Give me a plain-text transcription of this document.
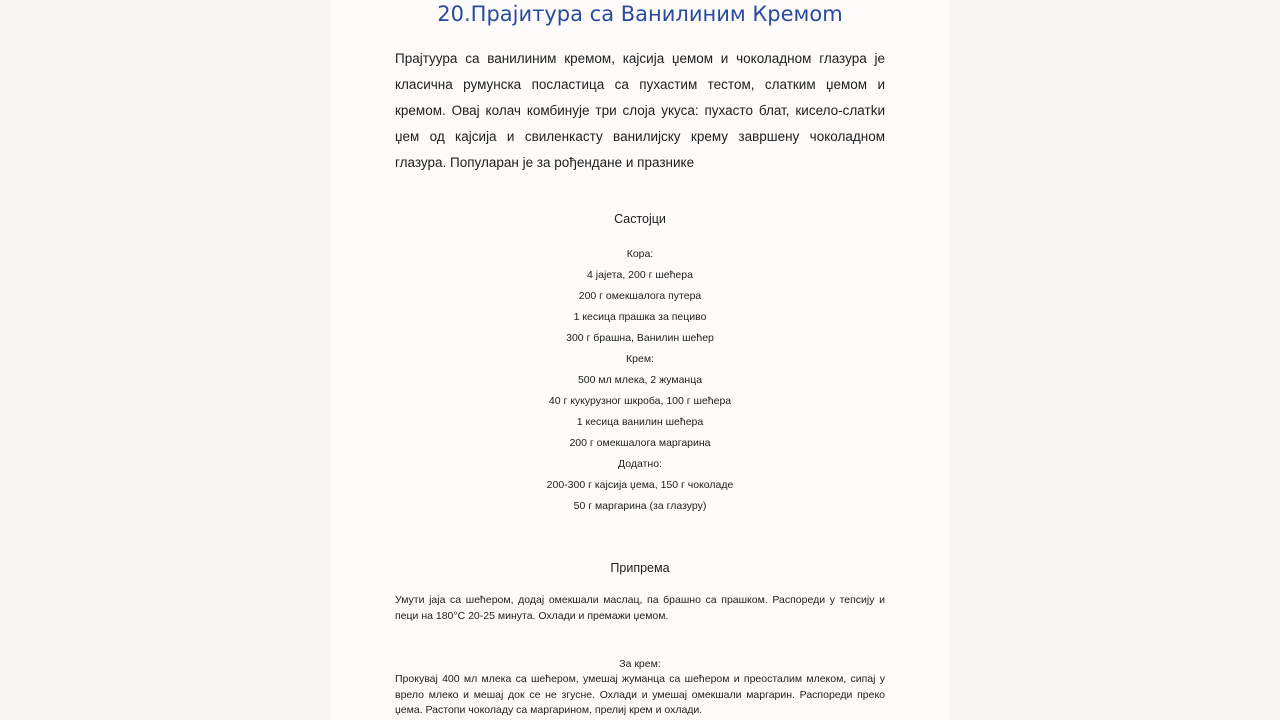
20.Прајитура са Ванилиним Кремom
Прајтуура са ванилиним кремом, кајсија џемом и чоколадном глазура је класична румунска посластица са пухастим тестом, слатким џемом и кремом. Овај колач комбинује три слоја укуса: пухасто блат, кисело-слатkи џем од кајсија и свиленкасту ванилијску крему завршену чоколадном глазура. Популаран је за рођендане и празнике
Састојци
Кора:
4 јајета, 200 г шећера
200 г омекшалога путера
1 кесица прашка за пециво
300 г брашна, Ванилин шећер
Крем:
500 мл млека, 2 жуманца
40 г кукурузног шкроба, 100 г шећера
1 кесица ванилин шећера
200 г омекшалога маргарина
Додатно:
200-300 г кајсија џема, 150 г чоколаде
50 г маргарина (за глазуру)
Припрема
Умути јаја са шећером, додај омекшали маслац, па брашно са прашком. Распореди у тепсију и пеци на 180°C 20-25 минута. Охлади и премажи џемом.
За крем:
Прокувај 400 мл млека са шећером, умешај жуманца са шећером и преосталим млеком, сипај у врело млеко и мешај док се не згусне. Охлади и умешај омекшали маргарин. Распореди преко џема. Растопи чоколаду са маргарином, прелиј крем и охлади.
